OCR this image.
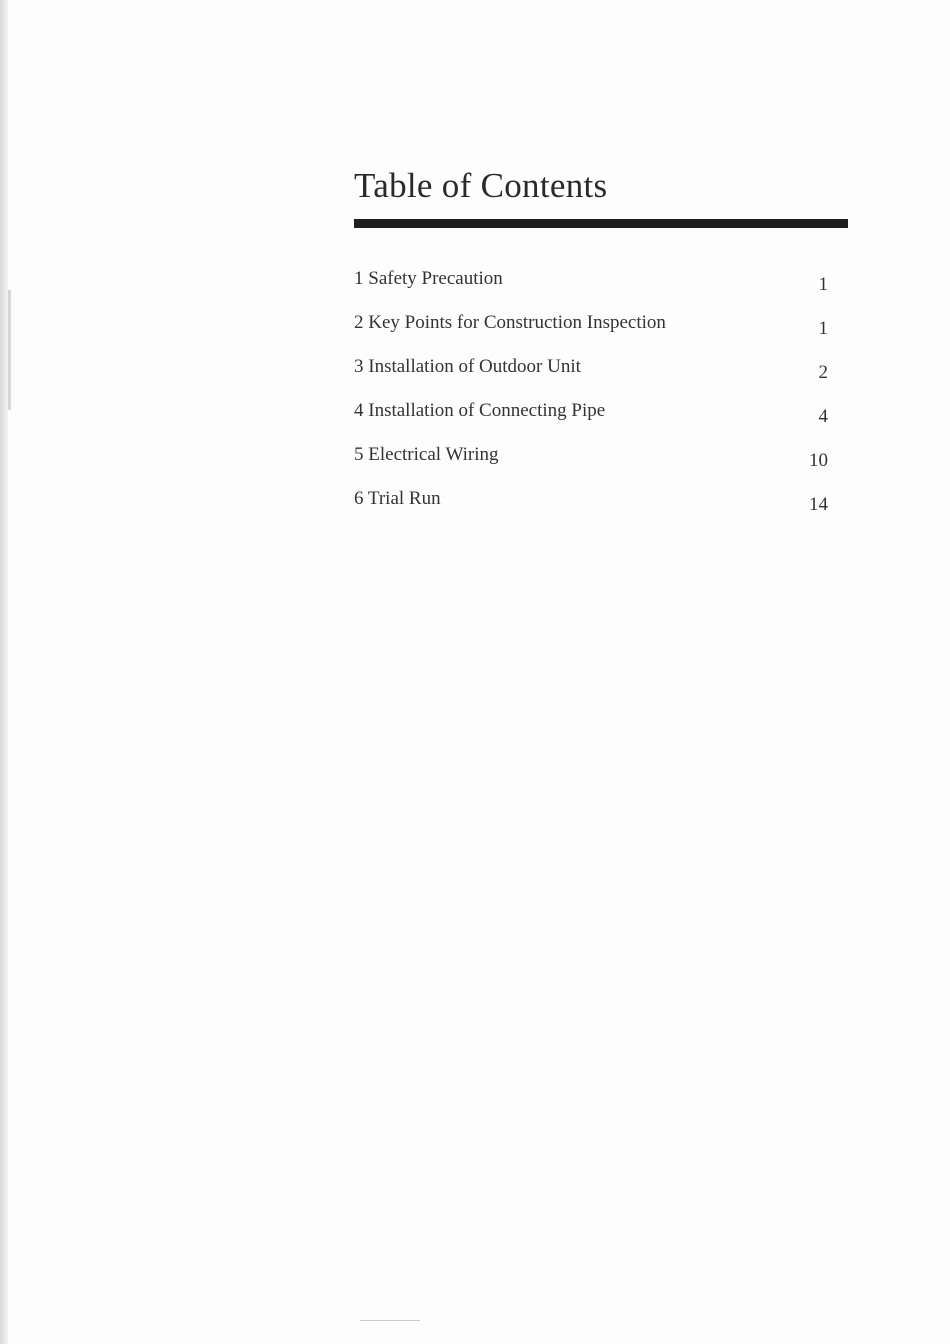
Table of Contents
1 Safety Precaution	1
2 Key Points for Construction Inspection	1
3 Installation of Outdoor Unit	2
4 Installation of Connecting Pipe	4
5 Electrical Wiring	10
6 Trial Run	14
